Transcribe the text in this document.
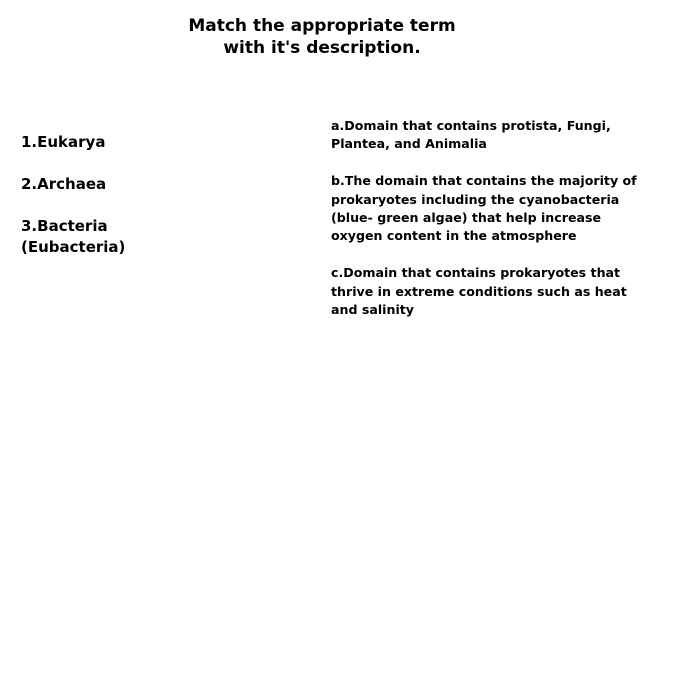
Match the appropriate term
with it's description.
1.Eukarya
2.Archaea
3.Bacteria
(Eubacteria)
a.Domain that contains protista, Fungi, Plantea, and Animalia
b.The domain that contains the majority of prokaryotes including the cyanobacteria (blue- green algae) that help increase oxygen content in the atmosphere
c.Domain that contains prokaryotes that thrive in extreme conditions such as heat and salinity
